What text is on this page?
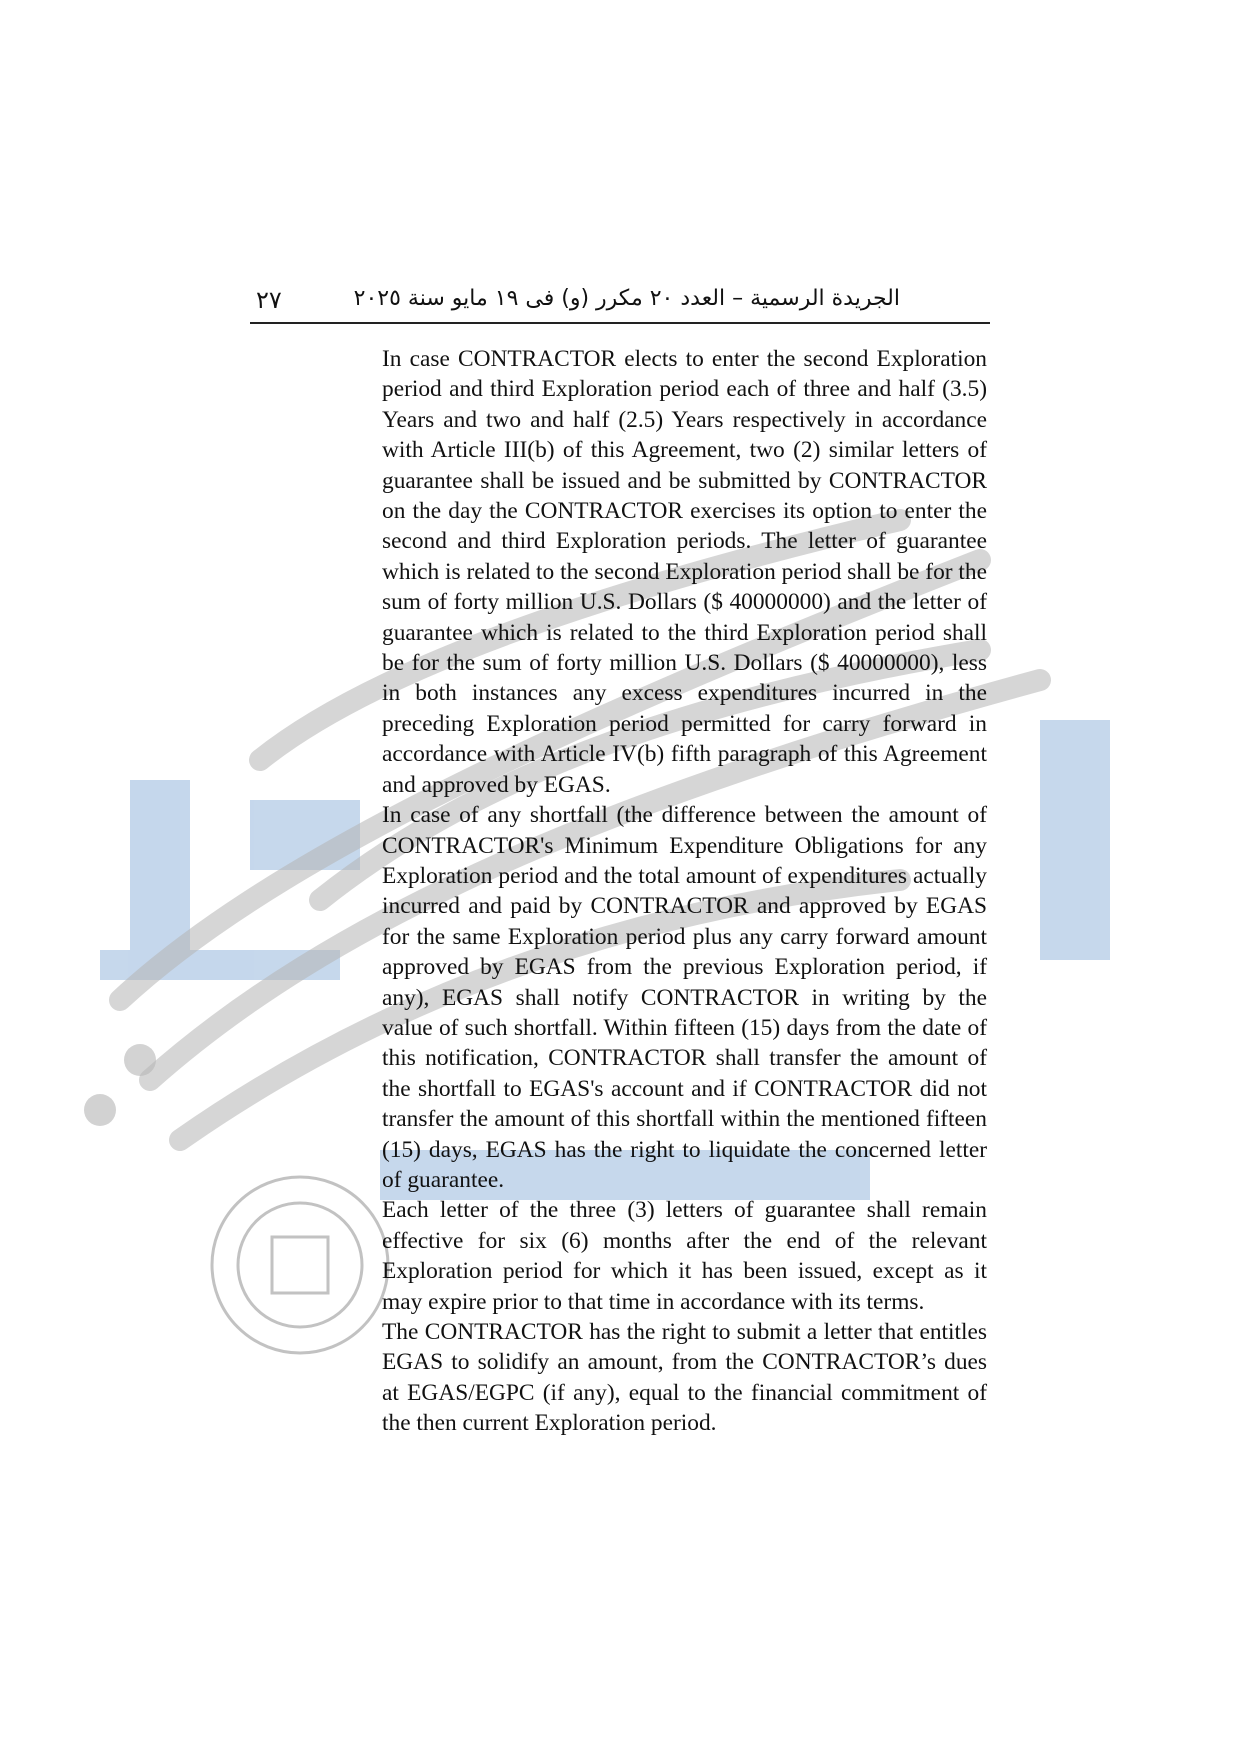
٢٧	الجريدة الرسمية – العدد ٢٠ مكرر (و) فى ١٩ مايو سنة ٢٠٢٥

In case CONTRACTOR elects to enter the second Exploration period and third Exploration period each of three and half (3.5) Years and two and half (2.5) Years respectively in accordance with Article III(b) of this Agreement, two (2) similar letters of guarantee shall be issued and be submitted by CONTRACTOR on the day the CONTRACTOR exercises its option to enter the second and third Exploration periods. The letter of guarantee which is related to the second Exploration period shall be for the sum of forty million U.S. Dollars ($ 40000000) and the letter of guarantee which is related to the third Exploration period shall be for the sum of forty million U.S. Dollars ($ 40000000), less in both instances any excess expenditures incurred in the preceding Exploration period permitted for carry forward in accordance with Article IV(b) fifth paragraph of this Agreement and approved by EGAS.

In case of any shortfall (the difference between the amount of CONTRACTOR's Minimum Expenditure Obligations for any Exploration period and the total amount of expenditures actually incurred and paid by CONTRACTOR and approved by EGAS for the same Exploration period plus any carry forward amount approved by EGAS from the previous Exploration period, if any), EGAS shall notify CONTRACTOR in writing by the value of such shortfall. Within fifteen (15) days from the date of this notification, CONTRACTOR shall transfer the amount of the shortfall to EGAS's account and if CONTRACTOR did not transfer the amount of this shortfall within the mentioned fifteen (15) days, EGAS has the right to liquidate the concerned letter of guarantee.

Each letter of the three (3) letters of guarantee shall remain effective for six (6) months after the end of the relevant Exploration period for which it has been issued, except as it may expire prior to that time in accordance with its terms.

The CONTRACTOR has the right to submit a letter that entitles EGAS to solidify an amount, from the CONTRACTOR’s dues at EGAS/EGPC (if any), equal to the financial commitment of the then current Exploration period.
